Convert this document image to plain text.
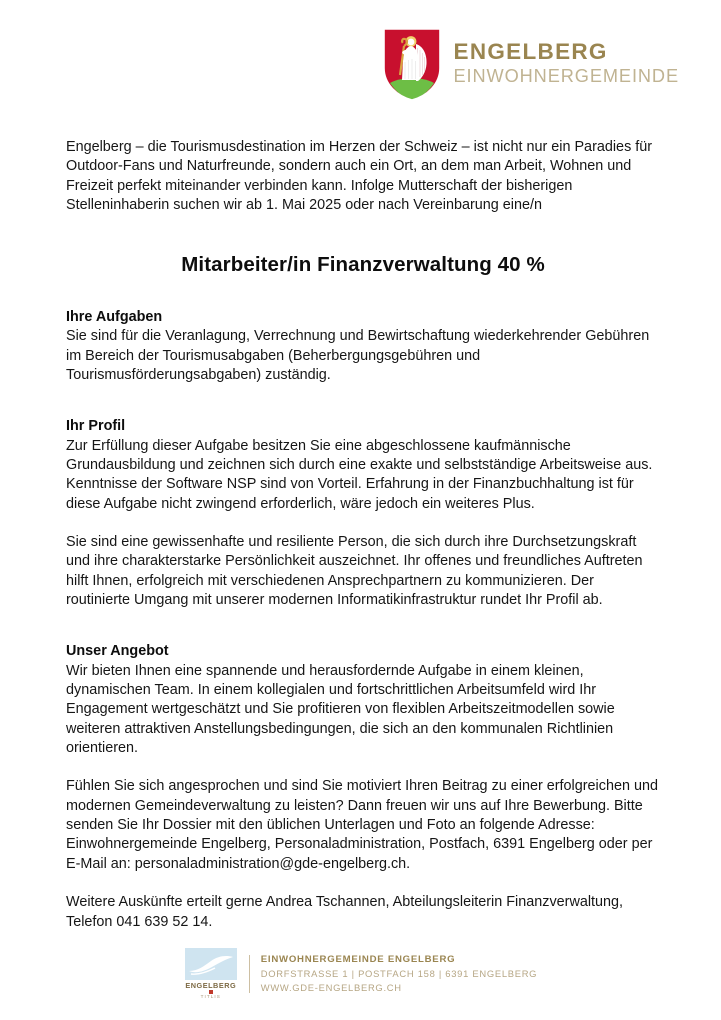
ENGELBERG
EINWOHNERGEMEINDE

Engelberg – die Tourismusdestination im Herzen der Schweiz – ist nicht nur ein Paradies für Outdoor-Fans und Naturfreunde, sondern auch ein Ort, an dem man Arbeit, Wohnen und Freizeit perfekt miteinander verbinden kann. Infolge Mutterschaft der bisherigen Stelleninhaberin suchen wir ab 1. Mai 2025 oder nach Vereinbarung eine/n

Mitarbeiter/in Finanzverwaltung 40 %
Ihre Aufgaben

Sie sind für die Veranlagung, Verrechnung und Bewirtschaftung wiederkehrender Gebühren im Bereich der Tourismusabgaben (Beherbergungsgebühren und Tourismusförderungsabgaben) zuständig.

Ihr Profil

Zur Erfüllung dieser Aufgabe besitzen Sie eine abgeschlossene kaufmännische Grundausbildung und zeichnen sich durch eine exakte und selbstständige Arbeitsweise aus. Kenntnisse der Software NSP sind von Vorteil. Erfahrung in der Finanzbuchhaltung ist für diese Aufgabe nicht zwingend erforderlich, wäre jedoch ein weiteres Plus.

Sie sind eine gewissenhafte und resiliente Person, die sich durch ihre Durchsetzungskraft und ihre charakterstarke Persönlichkeit auszeichnet. Ihr offenes und freundliches Auftreten hilft Ihnen, erfolgreich mit verschiedenen Ansprechpartnern zu kommunizieren. Der routinierte Umgang mit unserer modernen Informatikinfrastruktur rundet Ihr Profil ab.

Unser Angebot

Wir bieten Ihnen eine spannende und herausfordernde Aufgabe in einem kleinen, dynamischen Team. In einem kollegialen und fortschrittlichen Arbeitsumfeld wird Ihr Engagement wertgeschätzt und Sie profitieren von flexiblen Arbeitszeitmodellen sowie weiteren attraktiven Anstellungsbedingungen, die sich an den kommunalen Richtlinien orientieren.

Fühlen Sie sich angesprochen und sind Sie motiviert Ihren Beitrag zu einer erfolgreichen und modernen Gemeindeverwaltung zu leisten? Dann freuen wir uns auf Ihre Bewerbung. Bitte senden Sie Ihr Dossier mit den üblichen Unterlagen und Foto an folgende Adresse: Einwohnergemeinde Engelberg, Personaladministration, Postfach, 6391 Engelberg oder per E-Mail an: personaladministration@gde-engelberg.ch.

Weitere Auskünfte erteilt gerne Andrea Tschannen, Abteilungsleiterin Finanzverwaltung, Telefon 041 639 52 14.

ENGELBERG
TITLIS
EINWOHNERGEMEINDE ENGELBERG
DORFSTRASSE 1 | POSTFACH 158 | 6391 ENGELBERG
WWW.GDE-ENGELBERG.CH
